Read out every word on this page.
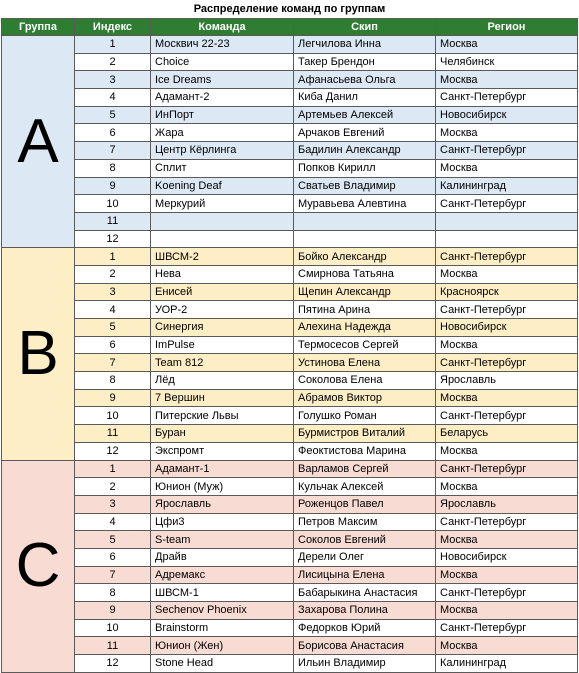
Распределение команд по группам
Группа	Индекс	Команда	Скип	Регион
A	1	Москвич 22-23	Легчилова Инна	Москва
	2	Choice	Такер Брендон	Челябинск
	3	Ice Dreams	Афанасьева Ольга	Москва
	4	Адамант-2	Киба Данил	Санкт-Петербург
	5	ИнПорт	Артемьев Алексей	Новосибирск
	6	Жара	Арчаков Евгений	Москва
	7	Центр Кёрлинга	Бадилин Александр	Санкт-Петербург
	8	Сплит	Попков Кирилл	Москва
	9	Koening Deaf	Сватьев Владимир	Калининград
	10	Меркурий	Муравьева Алевтина	Санкт-Петербург
	11			
	12			
B	1	ШВСМ-2	Бойко Александр	Санкт-Петербург
	2	Нева	Смирнова Татьяна	Москва
	3	Енисей	Щепин Александр	Красноярск
	4	УОР-2	Пятина Арина	Санкт-Петербург
	5	Синергия	Алехина Надежда	Новосибирск
	6	ImPulse	Термосесов Сергей	Москва
	7	Team 812	Устинова Елена	Санкт-Петербург
	8	Лёд	Соколова Елена	Ярославль
	9	7 Вершин	Абрамов Виктор	Москва
	10	Питерские Львы	Голушко Роман	Санкт-Петербург
	11	Буран	Бурмистров Виталий	Беларусь
	12	Экспромт	Феоктистова Марина	Москва
C	1	Адамант-1	Варламов Сергей	Санкт-Петербург
	2	Юнион (Муж)	Кульчак Алексей	Москва
	3	Ярославль	Роженцов Павел	Ярославль
	4	Цфи3	Петров Максим	Санкт-Петербург
	5	S-team	Соколов Евгений	Москва
	6	Драйв	Дерели Олег	Новосибирск
	7	Адремакс	Лисицына Елена	Москва
	8	ШВСМ-1	Бабарыкина Анастасия	Санкт-Петербург
	9	Sechenov Phoenix	Захарова Полина	Москва
	10	Brainstorm	Федорков Юрий	Санкт-Петербург
	11	Юнион (Жен)	Борисова Анастасия	Москва
	12	Stone Head	Ильин Владимир	Калининград
